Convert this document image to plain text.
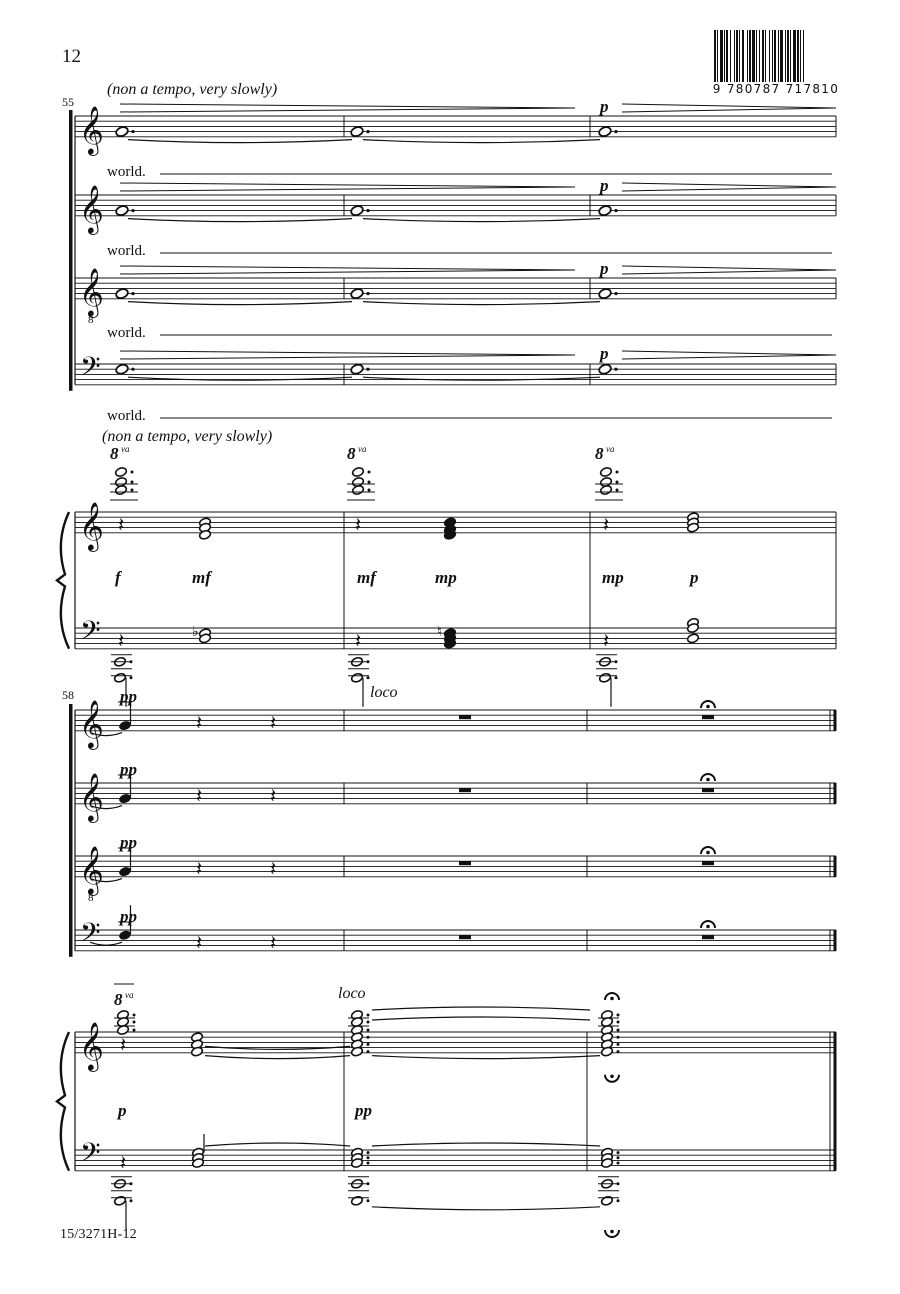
12
15/3271H-12
9 780787 717810
55
(non a tempo, very slowly)
𝄞
𝄞
𝄞
8
𝄢
world.
world.
world.
world.
p
p
p
p
(non a tempo, very slowly)
𝄞
𝄢
8 va	8 va	8 va
𝄽	𝄽	𝄽
𝄽	𝄽	𝄽
♭	♮
f	mf	mf	mp	mp	p
58	loco
𝄞
𝄞
𝄞
8
𝄢
𝄽	𝄽
pp
𝄽	𝄽
pp
𝄽	𝄽
pp
𝄽	𝄽
pp
𝄞
𝄢
8 va	loco
𝄽
p	pp
𝄽
